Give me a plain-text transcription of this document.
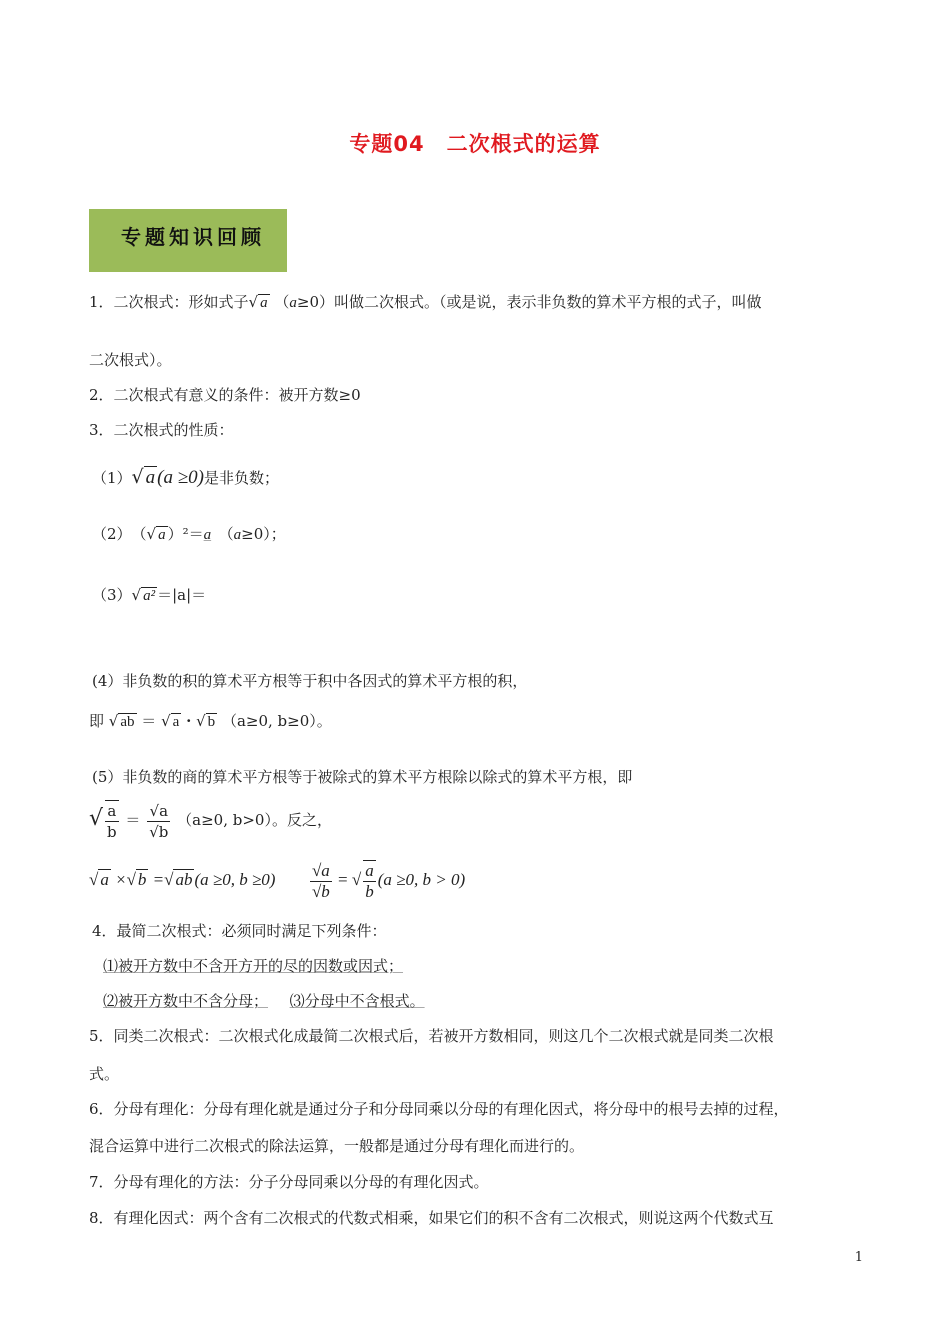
专题04　二次根式的运算
专题知识回顾
1．二次根式：形如式子√ a （a≥0）叫做二次根式。（或是说，表示非负数的算术平方根的式子，叫做
二次根式）。
2．二次根式有意义的条件：被开方数≥0
3．二次根式的性质：
（1）√ a (a ≥0)是非负数；
（2）　（√ a ）²＝a　 （a≥0）；
（3）√ a² ＝|a|＝
(4）非负数的积的算术平方根等于积中各因式的算术平方根的积，
即 √ ab ＝ √ a · √ b （a≥0, b≥0）。
(5）非负数的商的算术平方根等于被除式的算术平方根除以除式的算术平方根，即
√ $\frac{a}{b} = \frac{√a}{√b} (a\ge 0$, b>0）。反之，
√ a ×√ b =√ ab (a ≥0, $b \ge 0) \frac{√a}{√b}$ = √ $\frac{a}{b} (a \ge 0$, b > 0)
4．最简二次根式：必须同时满足下列条件：
⑴被开方数中不含开方开的尽的因数或因式；
⑵被开方数中不含分母； ⑶分母中不含根式。
5．同类二次根式：二次根式化成最简二次根式后，若被开方数相同，则这几个二次根式就是同类二次根
式。
6．分母有理化：分母有理化就是通过分子和分母同乘以分母的有理化因式，将分母中的根号去掉的过程，
混合运算中进行二次根式的除法运算，一般都是通过分母有理化而进行的。
7．分母有理化的方法：分子分母同乘以分母的有理化因式。
8．有理化因式：两个含有二次根式的代数式相乘，如果它们的积不含有二次根式，则说这两个代数式互
1
